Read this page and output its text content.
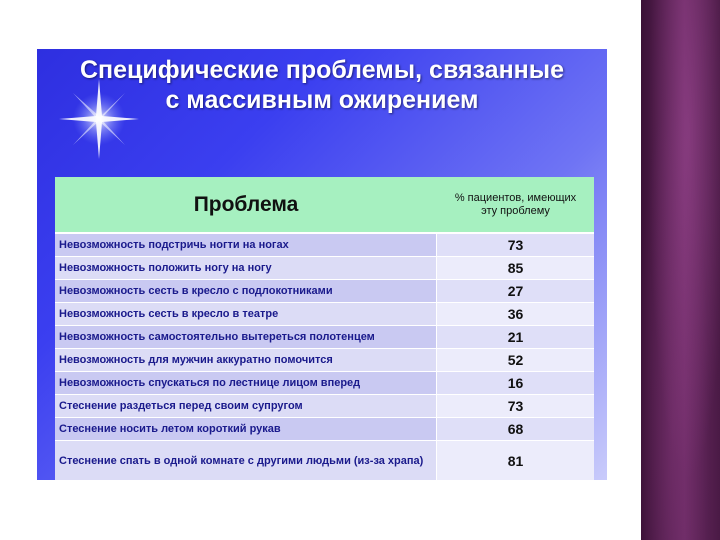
Специфические проблемы, связанные
с массивным ожирением
Проблема	% пациентов, имеющих
эту проблему
Невозможность подстричь ногти на ногах	73
Невозможность положить ногу на ногу	85
Невозможность сесть в кресло с подлокотниками	27
Невозможность сесть в кресло в театре	36
Невозможность самостоятельно вытереться полотенцем	21
Невозможность для мужчин аккуратно помочится	52
Невозможность спускаться по лестнице лицом вперед	16
Стеснение раздеться перед своим супругом	73
Стеснение носить летом короткий рукав	68
Стеснение спать в одной комнате с другими людьми (из-за храпа)	81
